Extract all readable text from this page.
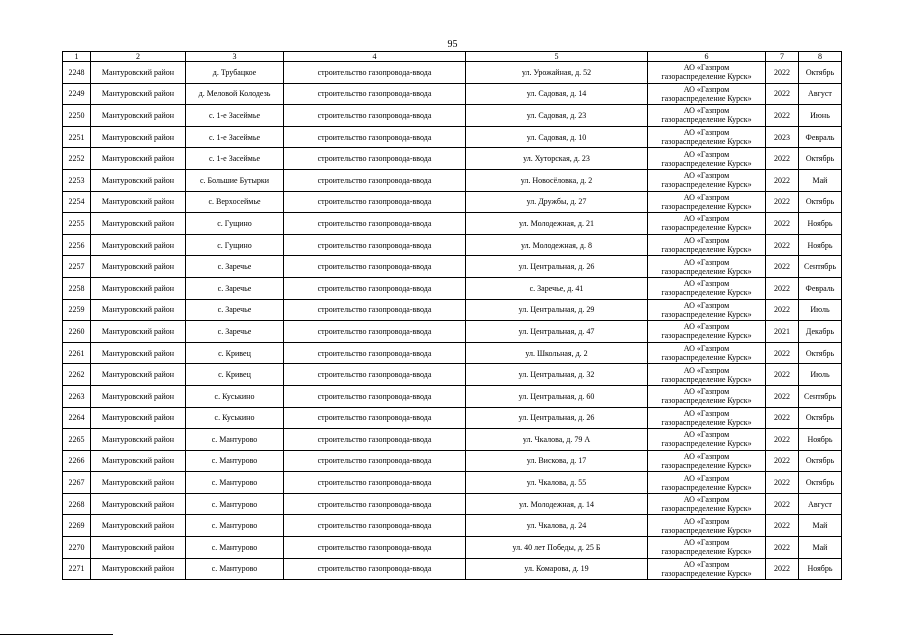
95
1	2	3	4	5	6	7	8
2248	Мантуровский район	д. Трубацкое	строительство газопровода-ввода	ул. Урожайная, д. 52	АО «Газпром
газораспределение Курск»	2022	Октябрь
2249	Мантуровский район	д. Меловой Колодезь	строительство газопровода-ввода	ул. Садовая, д. 14	АО «Газпром
газораспределение Курск»	2022	Август
2250	Мантуровский район	с. 1-е Засеймье	строительство газопровода-ввода	ул. Садовая, д. 23	АО «Газпром
газораспределение Курск»	2022	Июнь
2251	Мантуровский район	с. 1-е Засеймье	строительство газопровода-ввода	ул. Садовая, д. 10	АО «Газпром
газораспределение Курск»	2023	Февраль
2252	Мантуровский район	с. 1-е Засеймье	строительство газопровода-ввода	ул. Хуторская, д. 23	АО «Газпром
газораспределение Курск»	2022	Октябрь
2253	Мантуровский район	с. Большие Бутырки	строительство газопровода-ввода	ул. Новосёловка, д. 2	АО «Газпром
газораспределение Курск»	2022	Май
2254	Мантуровский район	с. Верхосеймье	строительство газопровода-ввода	ул. Дружбы, д. 27	АО «Газпром
газораспределение Курск»	2022	Октябрь
2255	Мантуровский район	с. Гущино	строительство газопровода-ввода	ул. Молодежная, д. 21	АО «Газпром
газораспределение Курск»	2022	Ноябрь
2256	Мантуровский район	с. Гущино	строительство газопровода-ввода	ул. Молодежная, д. 8	АО «Газпром
газораспределение Курск»	2022	Ноябрь
2257	Мантуровский район	с. Заречье	строительство газопровода-ввода	ул. Центральная, д. 26	АО «Газпром
газораспределение Курск»	2022	Сентябрь
2258	Мантуровский район	с. Заречье	строительство газопровода-ввода	с. Заречье, д. 41	АО «Газпром
газораспределение Курск»	2022	Февраль
2259	Мантуровский район	с. Заречье	строительство газопровода-ввода	ул. Центральная, д. 29	АО «Газпром
газораспределение Курск»	2022	Июль
2260	Мантуровский район	с. Заречье	строительство газопровода-ввода	ул. Центральная, д. 47	АО «Газпром
газораспределение Курск»	2021	Декабрь
2261	Мантуровский район	с. Кривец	строительство газопровода-ввода	ул. Школьная, д. 2	АО «Газпром
газораспределение Курск»	2022	Октябрь
2262	Мантуровский район	с. Кривец	строительство газопровода-ввода	ул. Центральная, д. 32	АО «Газпром
газораспределение Курск»	2022	Июль
2263	Мантуровский район	с. Куськино	строительство газопровода-ввода	ул. Центральная, д. 60	АО «Газпром
газораспределение Курск»	2022	Сентябрь
2264	Мантуровский район	с. Куськино	строительство газопровода-ввода	ул. Центральная, д. 26	АО «Газпром
газораспределение Курск»	2022	Октябрь
2265	Мантуровский район	с. Мантурово	строительство газопровода-ввода	ул. Чкалова, д. 79 А	АО «Газпром
газораспределение Курск»	2022	Ноябрь
2266	Мантуровский район	с. Мантурово	строительство газопровода-ввода	ул. Вискова, д. 17	АО «Газпром
газораспределение Курск»	2022	Октябрь
2267	Мантуровский район	с. Мантурово	строительство газопровода-ввода	ул. Чкалова, д. 55	АО «Газпром
газораспределение Курск»	2022	Октябрь
2268	Мантуровский район	с. Мантурово	строительство газопровода-ввода	ул. Молодежная, д. 14	АО «Газпром
газораспределение Курск»	2022	Август
2269	Мантуровский район	с. Мантурово	строительство газопровода-ввода	ул. Чкалова, д. 24	АО «Газпром
газораспределение Курск»	2022	Май
2270	Мантуровский район	с. Мантурово	строительство газопровода-ввода	ул. 40 лет Победы, д. 25 Б	АО «Газпром
газораспределение Курск»	2022	Май
2271	Мантуровский район	с. Мантурово	строительство газопровода-ввода	ул. Комарова, д. 19	АО «Газпром
газораспределение Курск»	2022	Ноябрь
